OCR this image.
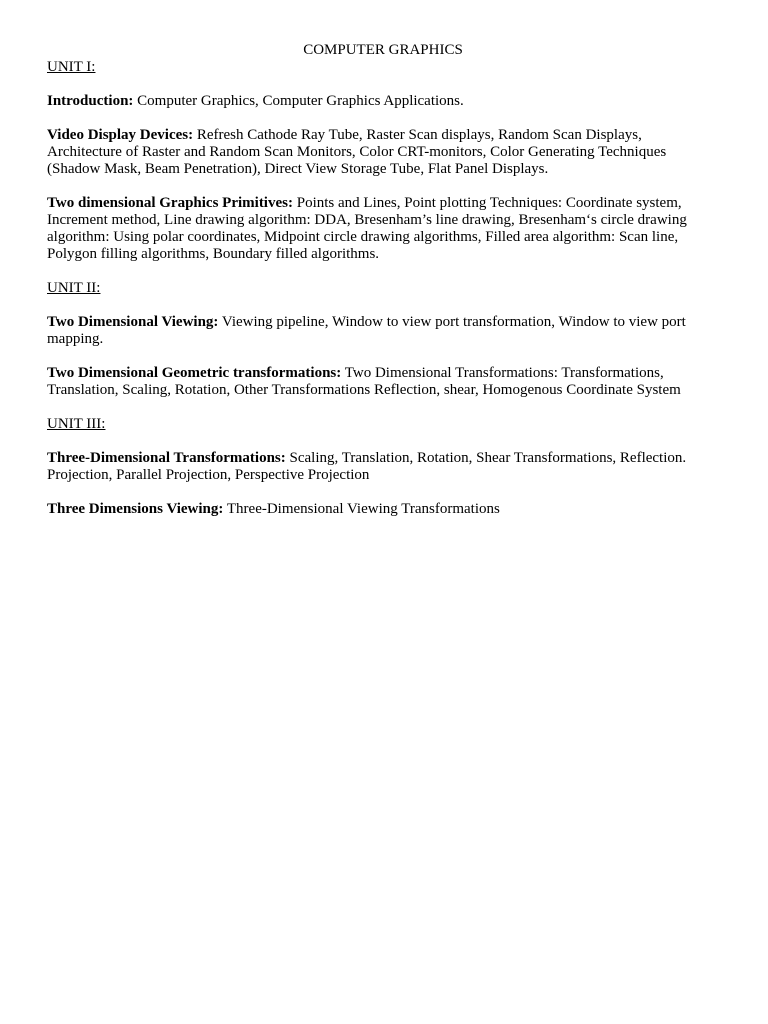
COMPUTER GRAPHICS

UNIT I:

Introduction: Computer Graphics, Computer Graphics Applications.

Video Display Devices: Refresh Cathode Ray Tube, Raster Scan displays, Random Scan Displays, Architecture of Raster and Random Scan Monitors, Color CRT-monitors, Color Generating Techniques (Shadow Mask, Beam Penetration), Direct View Storage Tube, Flat Panel Displays.

Two dimensional Graphics Primitives: Points and Lines, Point plotting Techniques: Coordinate system, Increment method, Line drawing algorithm: DDA, Bresenham’s line drawing, Bresenham‘s circle drawing algorithm: Using polar coordinates, Midpoint circle drawing algorithms, Filled area algorithm: Scan line, Polygon filling algorithms, Boundary filled algorithms.

UNIT II:

Two Dimensional Viewing: Viewing pipeline, Window to view port transformation, Window to view port mapping.

Two Dimensional Geometric transformations: Two Dimensional Transformations: Transformations, Translation, Scaling, Rotation, Other Transformations Reflection, shear, Homogenous Coordinate System

UNIT III:

Three-Dimensional Transformations: Scaling, Translation, Rotation, Shear Transformations, Reflection. Projection, Parallel Projection, Perspective Projection

Three Dimensions Viewing: Three-Dimensional Viewing Transformations
